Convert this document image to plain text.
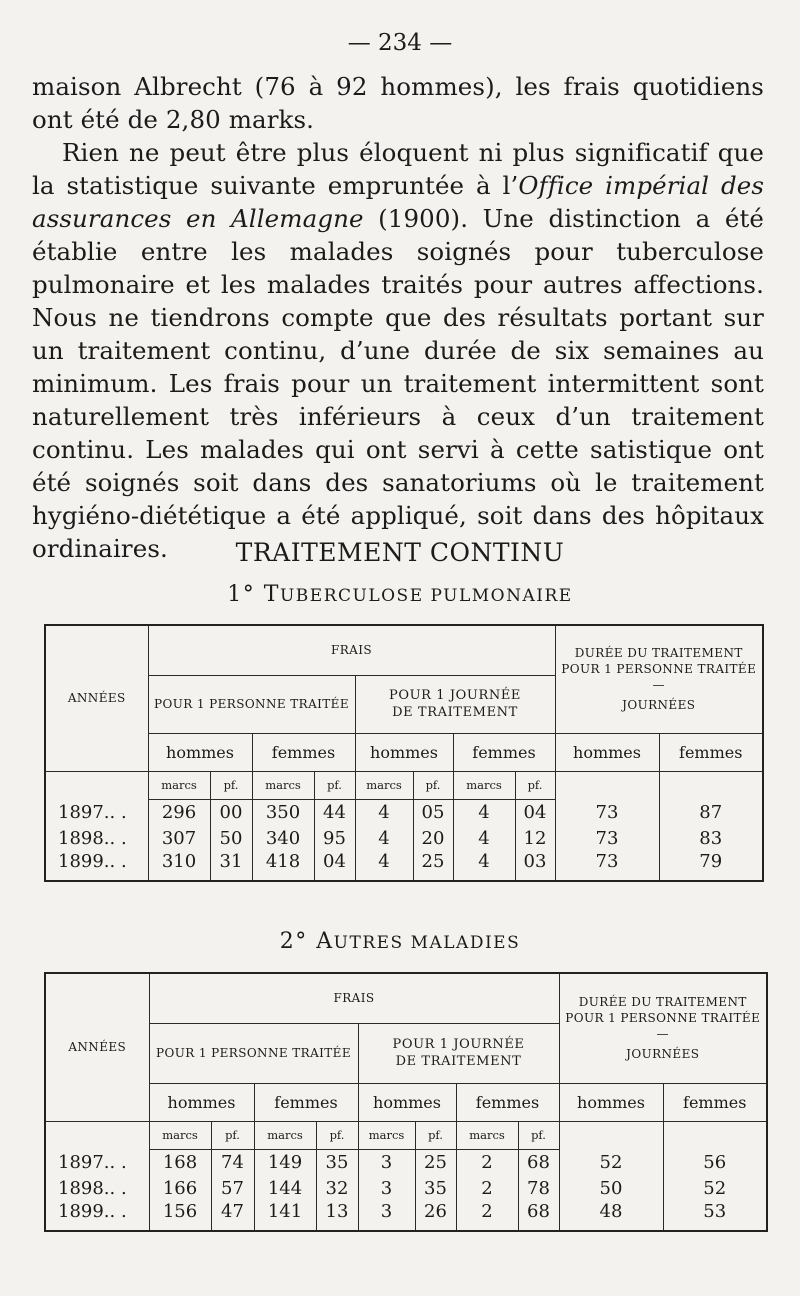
— 234 —

maison Albrecht (76 à 92 hommes), les frais quotidiens ont été de 2,80 marks.

Rien ne peut être plus éloquent ni plus significatif que la statistique suivante empruntée à l’Office impérial des assurances en Allemagne (1900). Une distinction a été établie entre les malades soignés pour tuberculose pulmonaire et les malades traités pour autres affections. Nous ne tiendrons compte que des résultats portant sur un traitement continu, d’une durée de six semaines au minimum. Les frais pour un traitement intermittent sont naturellement très inférieurs à ceux d’un traitement continu. Les malades qui ont servi à cette satistique ont été soignés soit dans des sanatoriums où le traitement hygiéno-diététique a été appliqué, soit dans des hôpitaux ordinaires.	TRAITEMENT CONTINU
1° TUBERCULOSE PULMONAIRE
ANNÉES	FRAIS								DURÉE DU TRAITEMENT
POUR 1 PERSONNE TRAITÉE
—
JOURNÉES	

	POUR 1 PERSONNE TRAITÉE				POUR 1 JOURNÉE
DE TRAITEMENT					

	hommes		femmes		hommes		femmes		hommes	femmes
	marcs	pf.	marcs	pf.	marcs	pf.	marcs	pf.		
1897.. .	296	00	350	44	4	05	4	04	73	87
1898.. .	307	50	340	95	4	20	4	12	73	83
1899.. .	310	31	418	04	4	25	4	03	73	79
2° AUTRES MALADIES
ANNÉES	FRAIS								DURÉE DU TRAITEMENT
POUR 1 PERSONNE TRAITÉE
—
JOURNÉES	

	POUR 1 PERSONNE TRAITÉE				POUR 1 JOURNÉE
DE TRAITEMENT					

	hommes		femmes		hommes		femmes		hommes	femmes
	marcs	pf.	marcs	pf.	marcs	pf.	marcs	pf.		
1897.. .	168	74	149	35	3	25	2	68	52	56
1898.. .	166	57	144	32	3	35	2	78	50	52
1899.. .	156	47	141	13	3	26	2	68	48	53
